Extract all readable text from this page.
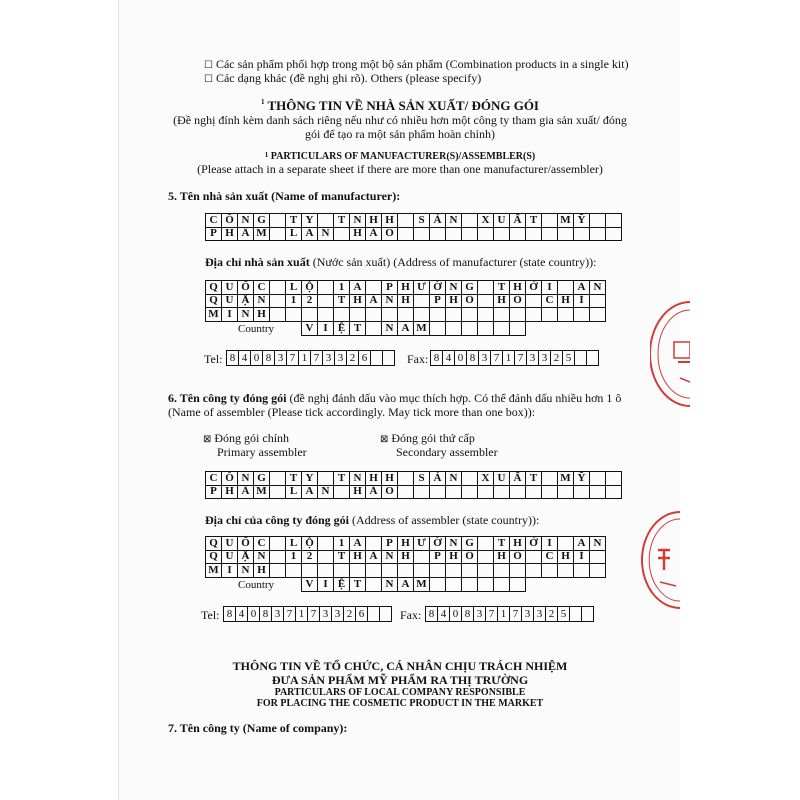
☐ Các sản phẩm phối hợp trong một bộ sản phẩm (Combination products in a single kit)
☐ Các dạng khác (đề nghị ghi rõ). Others (please specify)
$^1$ THÔNG TIN VỀ NHÀ SẢN XUẤT/ ĐÓNG GÓI
(Đề nghị đính kèm danh sách riêng nếu như có nhiều hơn một công ty tham gia sản xuất/ đóng
gói để tạo ra một sản phẩm hoàn chỉnh)
$^1$ PARTICULARS OF MANUFACTURER(S)/ASSEMBLER(S)
(Please attach in a separate sheet if there are more than one manufacturer/assembler)
5. Tên nhà sản xuất (Name of manufacturer):
C Ô N G	T Y	T N H H	S Ả N	X U Ấ T	M Ỹ
P H Ẩ M	L A N	H Ả O
Địa chỉ nhà sản xuất (Nước sản xuất) (Address of manufacturer (state country)):
Q U Ố C	L Ộ	1 A	P H Ư Ờ N G	T H Ớ I	A N
Q U Ậ N	1 2	T H À N H	P H Ố	H Ồ	C H Í
M I N H
Country	V I Ệ T	N A M
Tel: 8 4 0 8 3 7 1 7 3 3 2 6	Fax: 8 4 0 8 3 7 1 7 3 3 2 5
6. Tên công ty đóng gói (đề nghị đánh dấu vào mục thích hợp. Có thể đánh dấu nhiều hơn 1 ô
(Name of assembler (Please tick accordingly. May tick more than one box)):
⊠ Đóng gói chính
Primary assembler
⊠ Đóng gói thứ cấp
Secondary assembler
C Ô N G	T Y	T N H H	S Ả N	X U Ấ T	M Ỹ
P H Ẩ M	L A N	H Ả O
Địa chỉ của công ty đóng gói (Address of assembler (state country)):
Q U Ố C	L Ộ	1 A	P H Ư Ờ N G	T H Ớ I	A N
Q U Ậ N	1 2	T H À N H	P H Ố	H Ồ	C H Í
M I N H
Country	V I Ệ T	N A M
Tel: 8 4 0 8 3 7 1 7 3 3 2 6	Fax: 8 4 0 8 3 7 1 7 3 3 2 5
THÔNG TIN VỀ TỔ CHỨC, CÁ NHÂN CHỊU TRÁCH NHIỆM
ĐƯA SẢN PHẨM MỸ PHẨM RA THỊ TRƯỜNG
PARTICULARS OF LOCAL COMPANY RESPONSIBLE
FOR PLACING THE COSMETIC PRODUCT IN THE MARKET
7. Tên công ty (Name of company):
